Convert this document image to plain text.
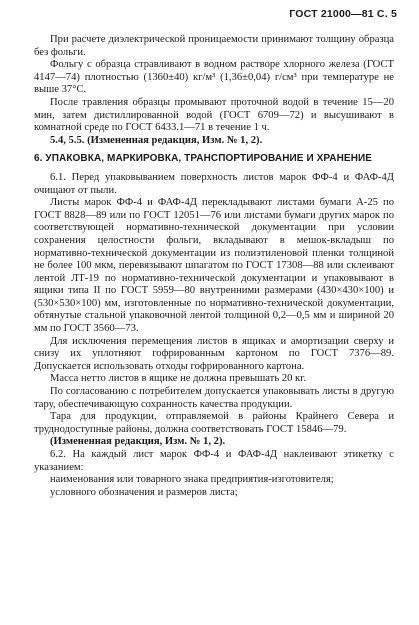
ГОСТ 21000—81 С. 5

При расчете диэлектрической проницаемости принимают толщину образца без фольги.

Фольгу с образца стравливают в водном растворе хлорного железа (ГОСТ 4147—74) плотностью (1360±40) кг/м³ (1,36±0,04) г/см³ при температуре не выше 37°С.

После травления образцы промывают проточной водой в течение 15—20 мин, затем дистиллированной водой (ГОСТ 6709—72) и высушивают в комнатной среде по ГОСТ 6433.1—71 в течение 1 ч.

5.4, 5.5. (Измененная редакция, Изм. № 1, 2).

6. УПАКОВКА, МАРКИРОВКА, ТРАНСПОРТИРОВАНИЕ И ХРАНЕНИЕ

6.1. Перед упаковыванием поверхность листов марок ФФ-4 и ФАФ-4Д очищают от пыли.

Листы марок ФФ-4 и ФАФ-4Д перекладывают листами бумаги А-25 по ГОСТ 8828—89 или по ГОСТ 12051—76 или листами бумаги других марок по соответствующей нормативно-технической документации при условии сохранения целостности фольги, вкладывают в мешок-вкладыш по нормативно-технической документации из полиэтиленовой пленки толщиной не более 100 мкм, перевязывают шпагатом по ГОСТ 17308—88 или склеивают лентой ЛТ-19 по нормативно-технической документации и упаковывают в ящики типа II по ГОСТ 5959—80 внутренними размерами (430×430×100) и (530×530×100) мм, изготовленные по нормативно-технической документации, обтянутые стальной упаковочной лентой толщиной 0,2—0,5 мм и шириной 20 мм по ГОСТ 3560—73.

Для исключения перемещения листов в ящиках и амортизации сверху и снизу их уплотняют гофрированным картоном по ГОСТ 7376—89. Допускается использовать отходы гофрированного картона.

Масса нетто листов в ящике не должна превышать 20 кг.

По согласованию с потребителем допускается упаковывать листы в другую тару, обеспечивающую сохранность качества продукции.

Тара для продукции, отправляемой в районы Крайнего Севера и труднодоступные районы, должна соответствовать ГОСТ 15846—79.

(Измененная редакция, Изм. № 1, 2).

6.2. На каждый лист марок ФФ-4 и ФАФ-4Д наклеивают этикетку с указанием:

наименования или товарного знака предприятия-изготовителя;

условного обозначения и размеров листа;
